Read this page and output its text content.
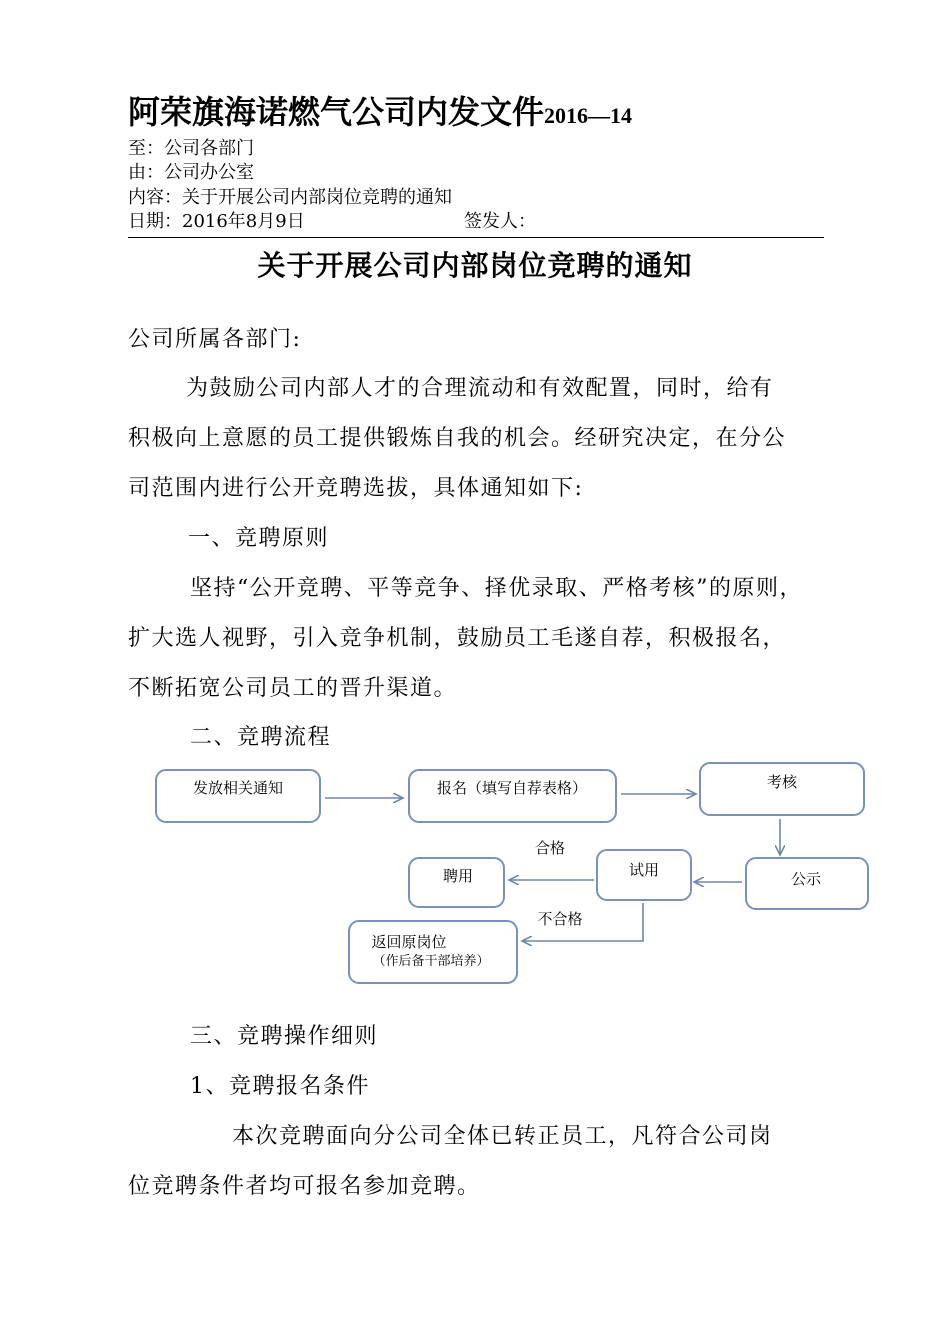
阿荣旗海诺燃气公司内发文件2016—14
至：公司各部门
由：公司办公室
内容：关于开展公司内部岗位竞聘的通知
日期：2016年8月9日	签发人：
关于开展公司内部岗位竞聘的通知
公司所属各部门:
为鼓励公司内部人才的合理流动和有效配置，同时，给有
积极向上意愿的员工提供锻炼自我的机会。经研究决定，在分公
司范围内进行公开竞聘选拔，具体通知如下:
一、竞聘原则
坚持“公开竞聘、平等竞争、择优录取、严格考核”的原则，
扩大选人视野，引入竞争机制，鼓励员工毛遂自荐，积极报名，
不断拓宽公司员工的晋升渠道。
二、竞聘流程
发放相关通知	报名（填写自荐表格）	考核
公示
试用
聘用
返回原岗位
（作后备干部培养）
合格
不合格
三、竞聘操作细则
1、竞聘报名条件
本次竞聘面向分公司全体已转正员工，凡符合公司岗
位竞聘条件者均可报名参加竞聘。
